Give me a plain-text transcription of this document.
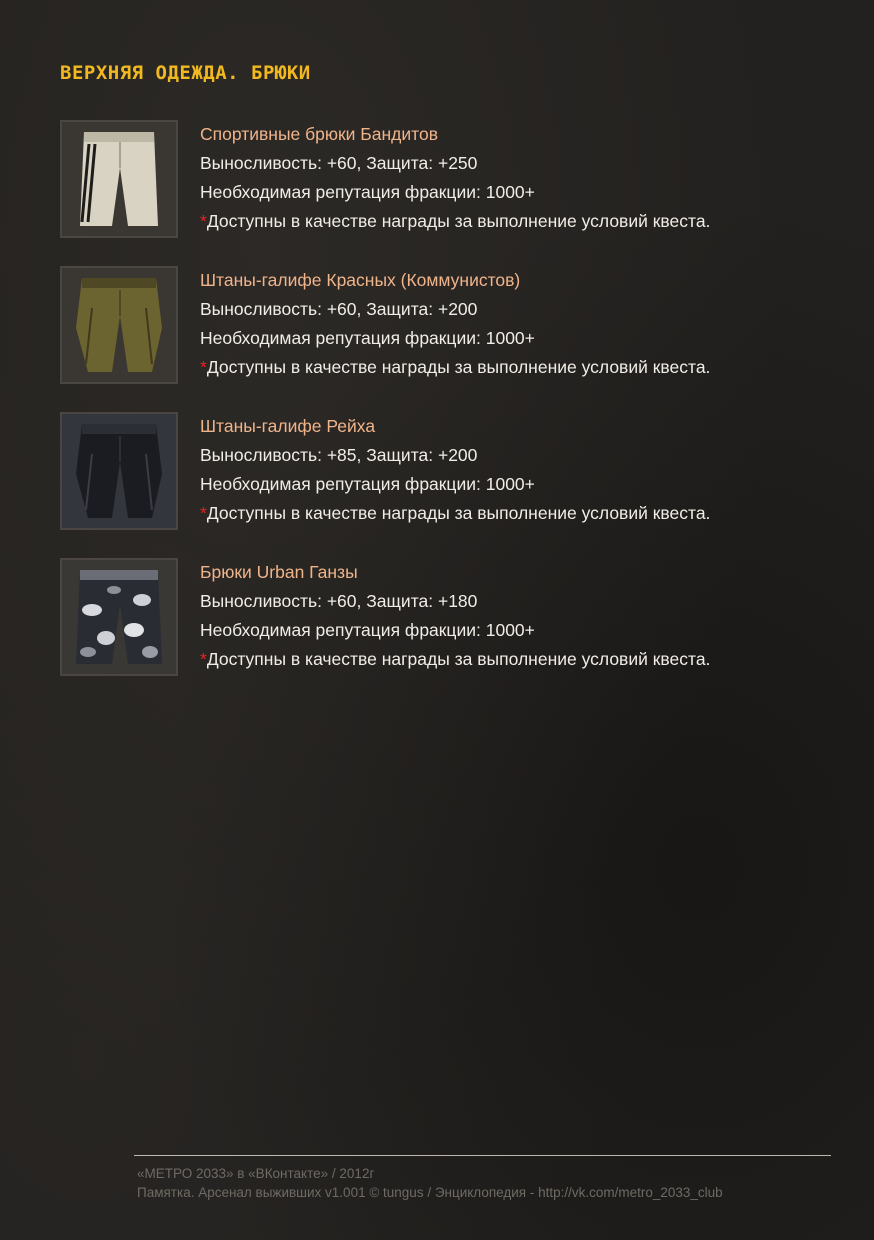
ВЕРХНЯЯ ОДЕЖДА. БРЮКИ
Спортивные брюки Бандитов
Выносливость: +60, Защита: +250
Необходимая репутация фракции: 1000+
*Доступны в качестве награды за выполнение условий квеста.
Штаны-галифе Красных (Коммунистов)
Выносливость: +60, Защита: +200
Необходимая репутация фракции: 1000+
*Доступны в качестве награды за выполнение условий квеста.
Штаны-галифе Рейха
Выносливость: +85, Защита: +200
Необходимая репутация фракции: 1000+
*Доступны в качестве награды за выполнение условий квеста.
Брюки Urban Ганзы
Выносливость: +60, Защита: +180
Необходимая репутация фракции: 1000+
*Доступны в качестве награды за выполнение условий квеста.
«МЕТРО 2033» в «ВКонтакте» / 2012г
Памятка. Арсенал выживших v1.001 © tungus / Энциклопедия - http://vk.com/metro_2033_club
